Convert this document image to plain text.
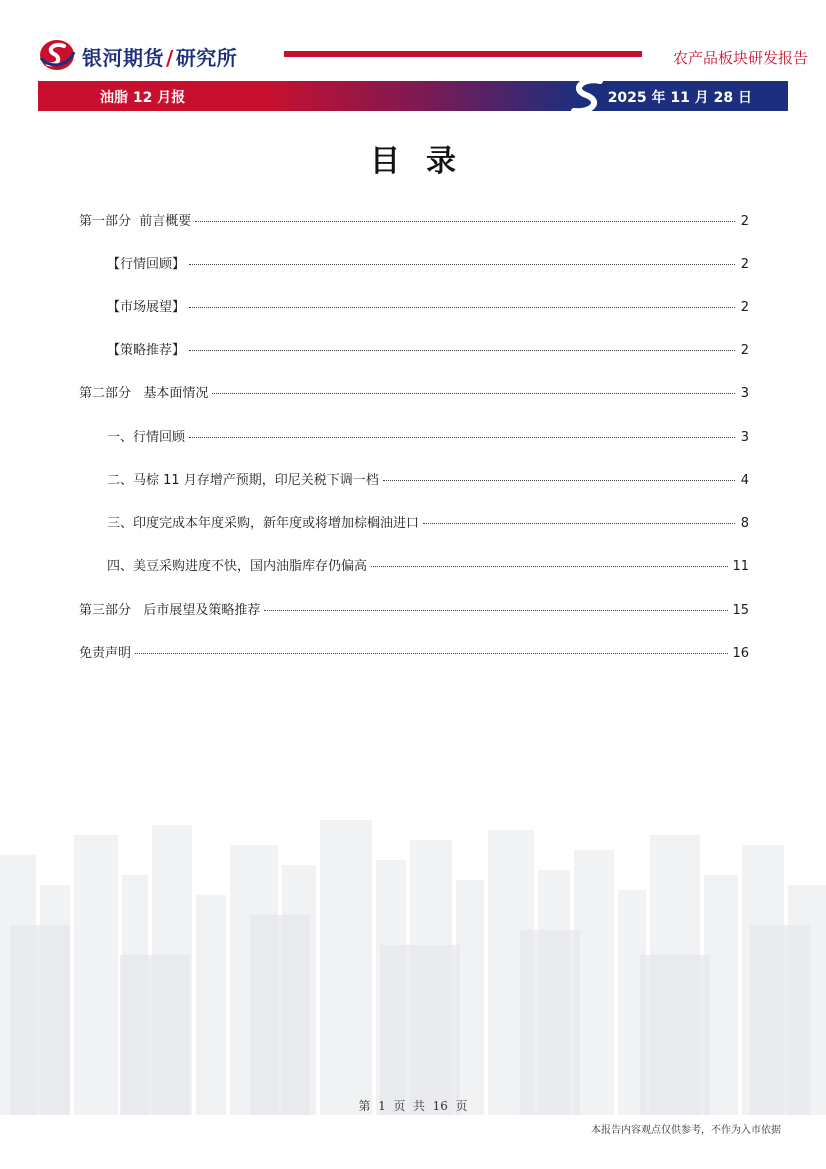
银河期货 / 研究所	农产品板块研发报告
油脂 12 月报	2025 年 11 月 28 日
目录
第一部分  前言概要	2
【行情回顾】	2
【市场展望】	2
【策略推荐】	2
第二部分   基本面情况	3
一、行情回顾	3
二、马棕 11 月存增产预期，印尼关税下调一档	4
三、印度完成本年度采购，新年度或将增加棕榈油进口	8
四、美豆采购进度不快，国内油脂库存仍偏高	11
第三部分   后市展望及策略推荐	15
免责声明	16
第  1  页  共  16  页
本报告内容观点仅供参考，不作为入市依据
